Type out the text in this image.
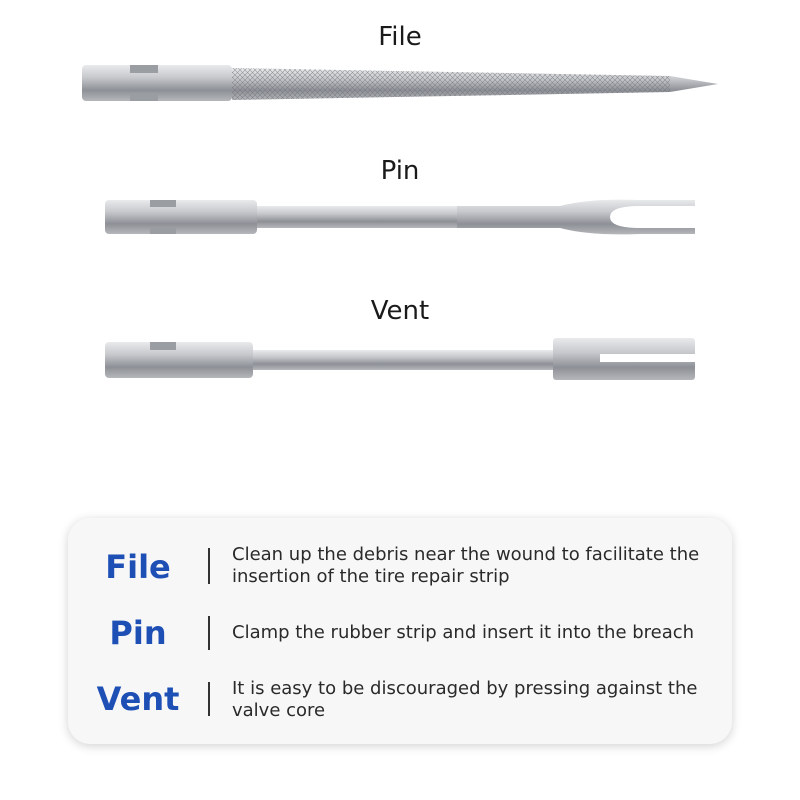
File
Pin
Vent
File	Clean up the debris near the wound to facilitate the insertion of the tire repair strip
Pin	Clamp the rubber strip and insert it into the breach
Vent	It is easy to be discouraged by pressing against the valve core
